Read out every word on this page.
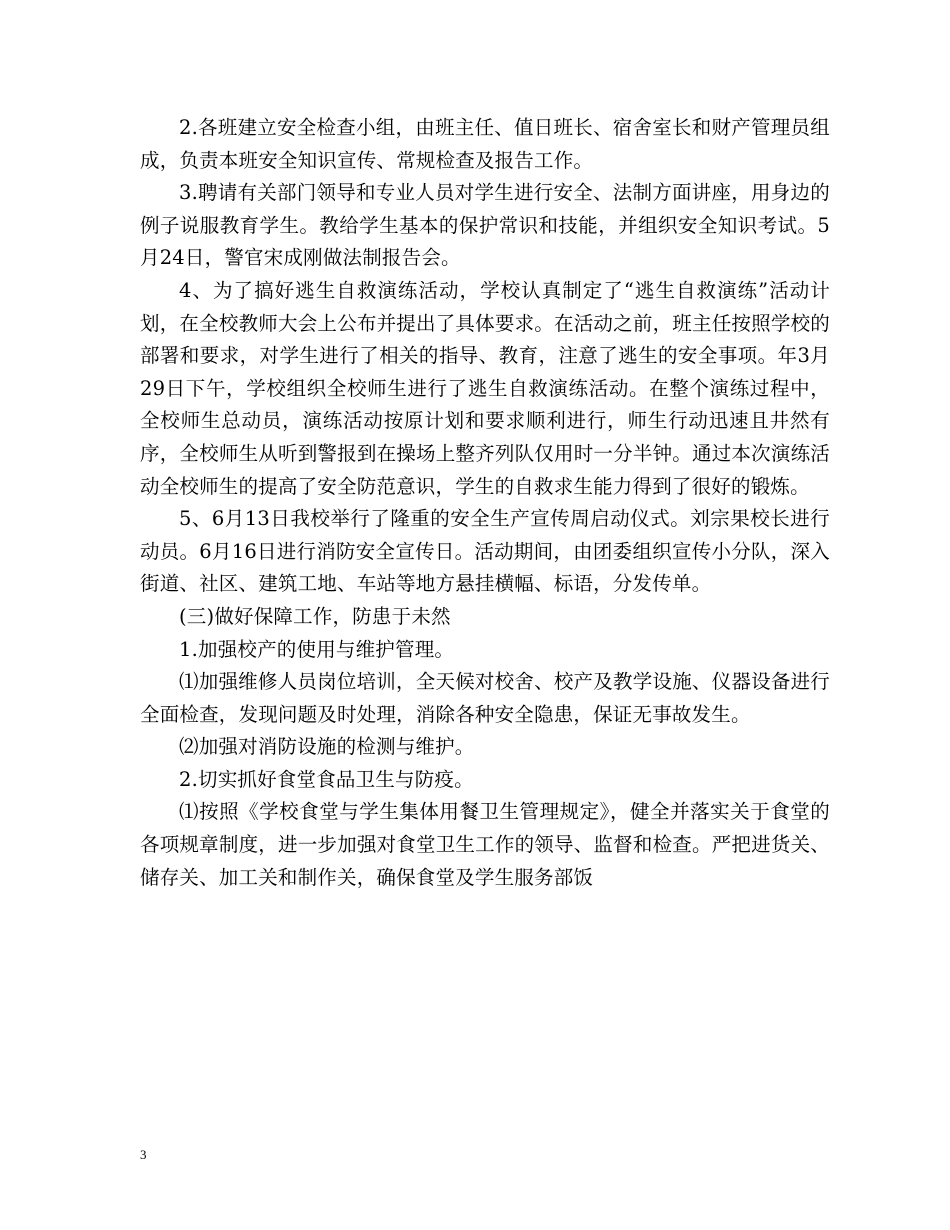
2.各班建立安全检查小组，由班主任、值日班长、宿舍室长和财产管理员组成，负责本班安全知识宣传、常规检查及报告工作。

3.聘请有关部门领导和专业人员对学生进行安全、法制方面讲座，用身边的例子说服教育学生。教给学生基本的保护常识和技能，并组织安全知识考试。5月24日，警官宋成刚做法制报告会。

4、为了搞好逃生自救演练活动，学校认真制定了“逃生自救演练”活动计划，在全校教师大会上公布并提出了具体要求。在活动之前，班主任按照学校的部署和要求，对学生进行了相关的指导、教育，注意了逃生的安全事项。年3月29日下午，学校组织全校师生进行了逃生自救演练活动。在整个演练过程中，全校师生总动员，演练活动按原计划和要求顺利进行，师生行动迅速且井然有序，全校师生从听到警报到在操场上整齐列队仅用时一分半钟。通过本次演练活动全校师生的提高了安全防范意识，学生的自救求生能力得到了很好的锻炼。

5、6月13日我校举行了隆重的安全生产宣传周启动仪式。刘宗果校长进行动员。6月16日进行消防安全宣传日。活动期间，由团委组织宣传小分队，深入街道、社区、建筑工地、车站等地方悬挂横幅、标语，分发传单。

(三)做好保障工作，防患于未然

1.加强校产的使用与维护管理。

⑴加强维修人员岗位培训，全天候对校舍、校产及教学设施、仪器设备进行全面检查，发现问题及时处理，消除各种安全隐患，保证无事故发生。

⑵加强对消防设施的检测与维护。

2.切实抓好食堂食品卫生与防疫。

⑴按照《学校食堂与学生集体用餐卫生管理规定》，健全并落实关于食堂的各项规章制度，进一步加强对食堂卫生工作的领导、监督和检查。严把进货关、储存关、加工关和制作关，确保食堂及学生服务部饭

3
